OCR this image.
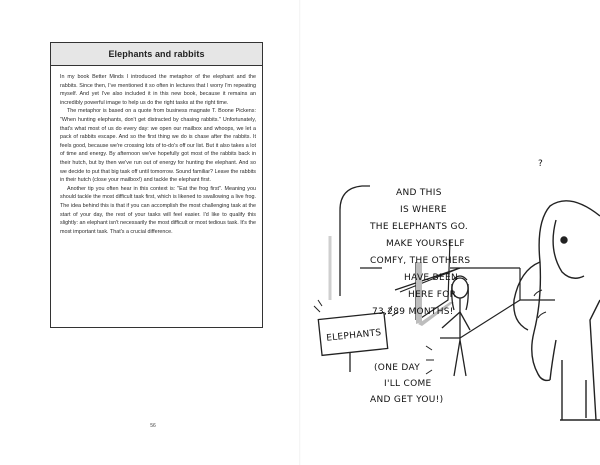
Elephants and rabbits

In my book Better Minds I introduced the metaphor of the elephant and the rabbits. Since then, I've mentioned it so often in lectures that I worry I'm repeating myself. And yet I've also included it in this new book, because it remains an incredibly powerful image to help us do the right tasks at the right time.

The metaphor is based on a quote from business magnate T. Boone Pickens: "When hunting elephants, don't get distracted by chasing rabbits." Unfortunately, that's what most of us do every day: we open our mailbox and whoops, we let a pack of rabbits escape. And so the first thing we do is chase after the rabbits. It feels good, because we're crossing lots of to-do's off our list. But it also takes a lot of time and energy. By afternoon we've hopefully got most of the rabbits back in their hutch, but by then we've run out of energy for hunting the elephant. And so we decide to put that big task off until tomorrow. Sound familiar? Leave the rabbits in their hutch (close your mailbox!) and tackle the elephant first.

Another tip you often hear in this context is: "Eat the frog first". Meaning you should tackle the most difficult task first, which is likened to swallowing a live frog. The idea behind this is that if you can accomplish the most challenging task at the start of your day, the rest of your tasks will feel easier. I'd like to qualify this slightly: an elephant isn't necessarily the most difficult or most tedious task. It's the most important task. That's a crucial difference.

56
ELEPHANTS
?
AND THIS
IS WHERE
THE ELEPHANTS GO.
MAKE YOURSELF
COMFY, THE OTHERS
HAVE BEEN
HERE FOR
73,289 MONTHS!
(ONE DAY
I'LL COME
AND GET YOU!)
